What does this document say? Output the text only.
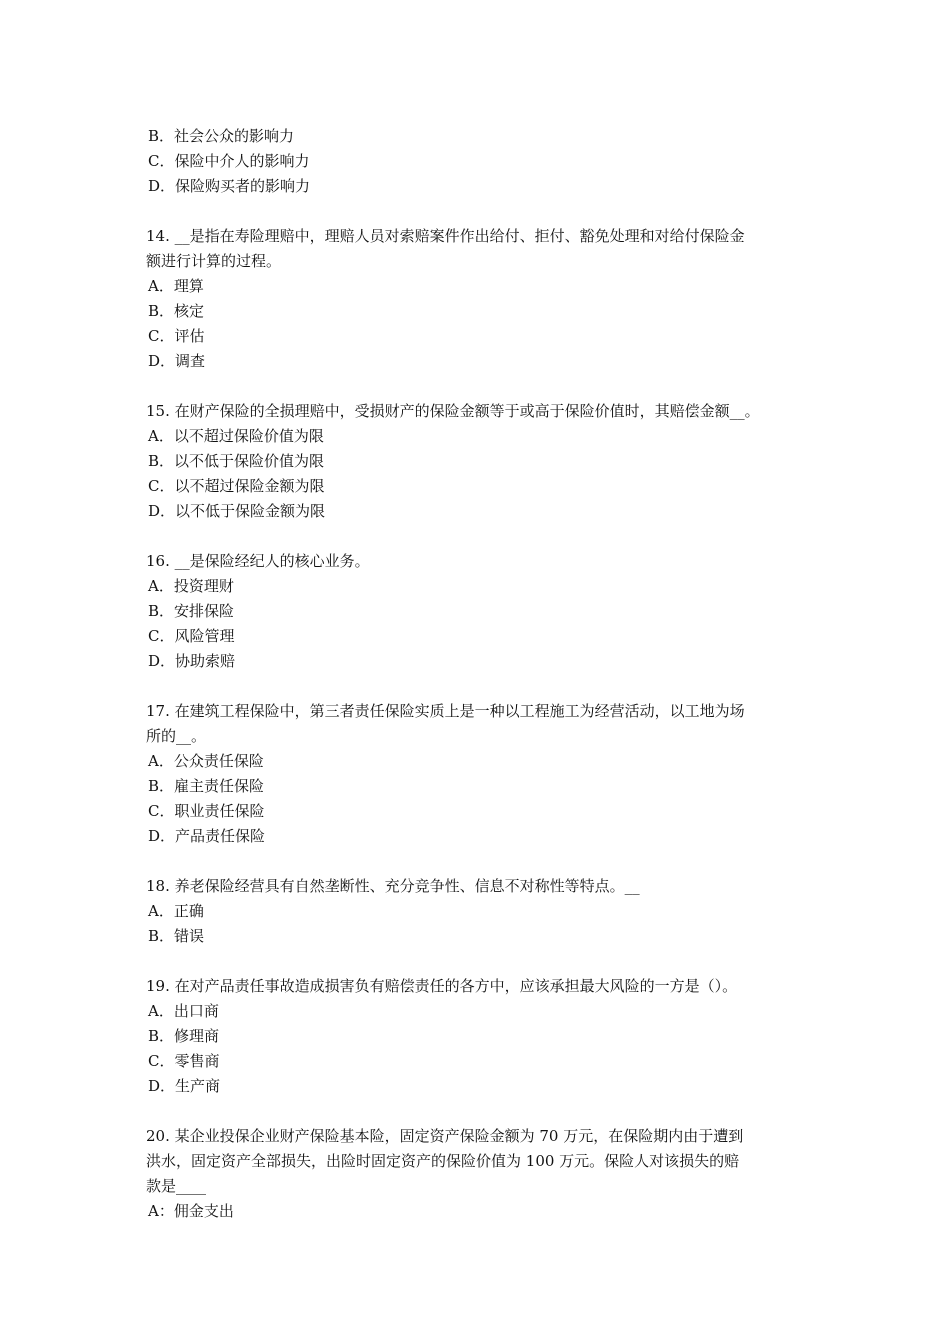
B．社会公众的影响力
C．保险中介人的影响力
D．保险购买者的影响力
14. __是指在寿险理赔中，理赔人员对索赔案件作出给付、拒付、豁免处理和对给付保险金
额进行计算的过程。
A．理算
B．核定
C．评估
D．调查
15. 在财产保险的全损理赔中，受损财产的保险金额等于或高于保险价值时，其赔偿金额__。
A．以不超过保险价值为限
B．以不低于保险价值为限
C．以不超过保险金额为限
D．以不低于保险金额为限
16. __是保险经纪人的核心业务。
A．投资理财
B．安排保险
C．风险管理
D．协助索赔
17. 在建筑工程保险中，第三者责任保险实质上是一种以工程施工为经营活动，以工地为场
所的__。
A．公众责任保险
B．雇主责任保险
C．职业责任保险
D．产品责任保险
18. 养老保险经营具有自然垄断性、充分竞争性、信息不对称性等特点。__
A．正确
B．错误
19. 在对产品责任事故造成损害负有赔偿责任的各方中，应该承担最大风险的一方是（）。
A．出口商
B．修理商
C．零售商
D．生产商
20. 某企业投保企业财产保险基本险，固定资产保险金额为 70 万元，在保险期内由于遭到
洪水，固定资产全部损失，出险时固定资产的保险价值为 100 万元。保险人对该损失的赔
款是____
A：佣金支出
